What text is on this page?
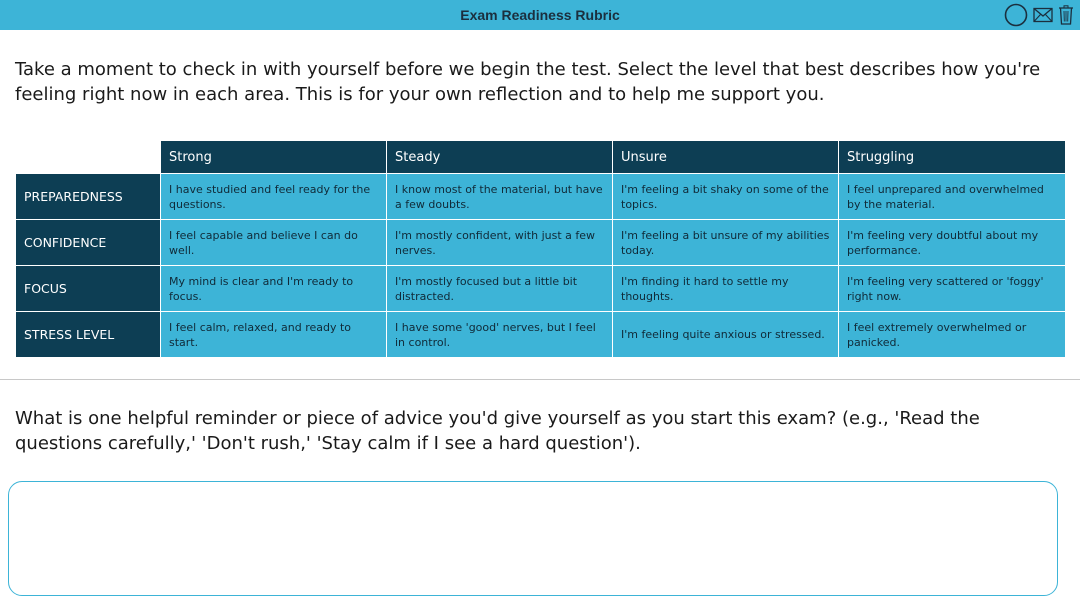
Exam Readiness Rubric

Take a moment to check in with yourself before we begin the test. Select the level that best describes how you're feeling right now in each area. This is for your own reflection and to help me support you.

	Strong	Steady	Unsure	Struggling
PREPAREDNESS	I have studied and feel ready for the questions.	I know most of the material, but have a few doubts.	I'm feeling a bit shaky on some of the topics.	I feel unprepared and overwhelmed by the material.
CONFIDENCE	I feel capable and believe I can do well.	I'm mostly confident, with just a few nerves.	I'm feeling a bit unsure of my abilities today.	I'm feeling very doubtful about my performance.
FOCUS	My mind is clear and I'm ready to focus.	I'm mostly focused but a little bit distracted.	I'm finding it hard to settle my thoughts.	I'm feeling very scattered or 'foggy' right now.
STRESS LEVEL	I feel calm, relaxed, and ready to start.	I have some 'good' nerves, but I feel in control.	I'm feeling quite anxious or stressed.	I feel extremely overwhelmed or panicked.

What is one helpful reminder or piece of advice you'd give yourself as you start this exam? (e.g., 'Read the questions carefully,' 'Don't rush,' 'Stay calm if I see a hard question').
